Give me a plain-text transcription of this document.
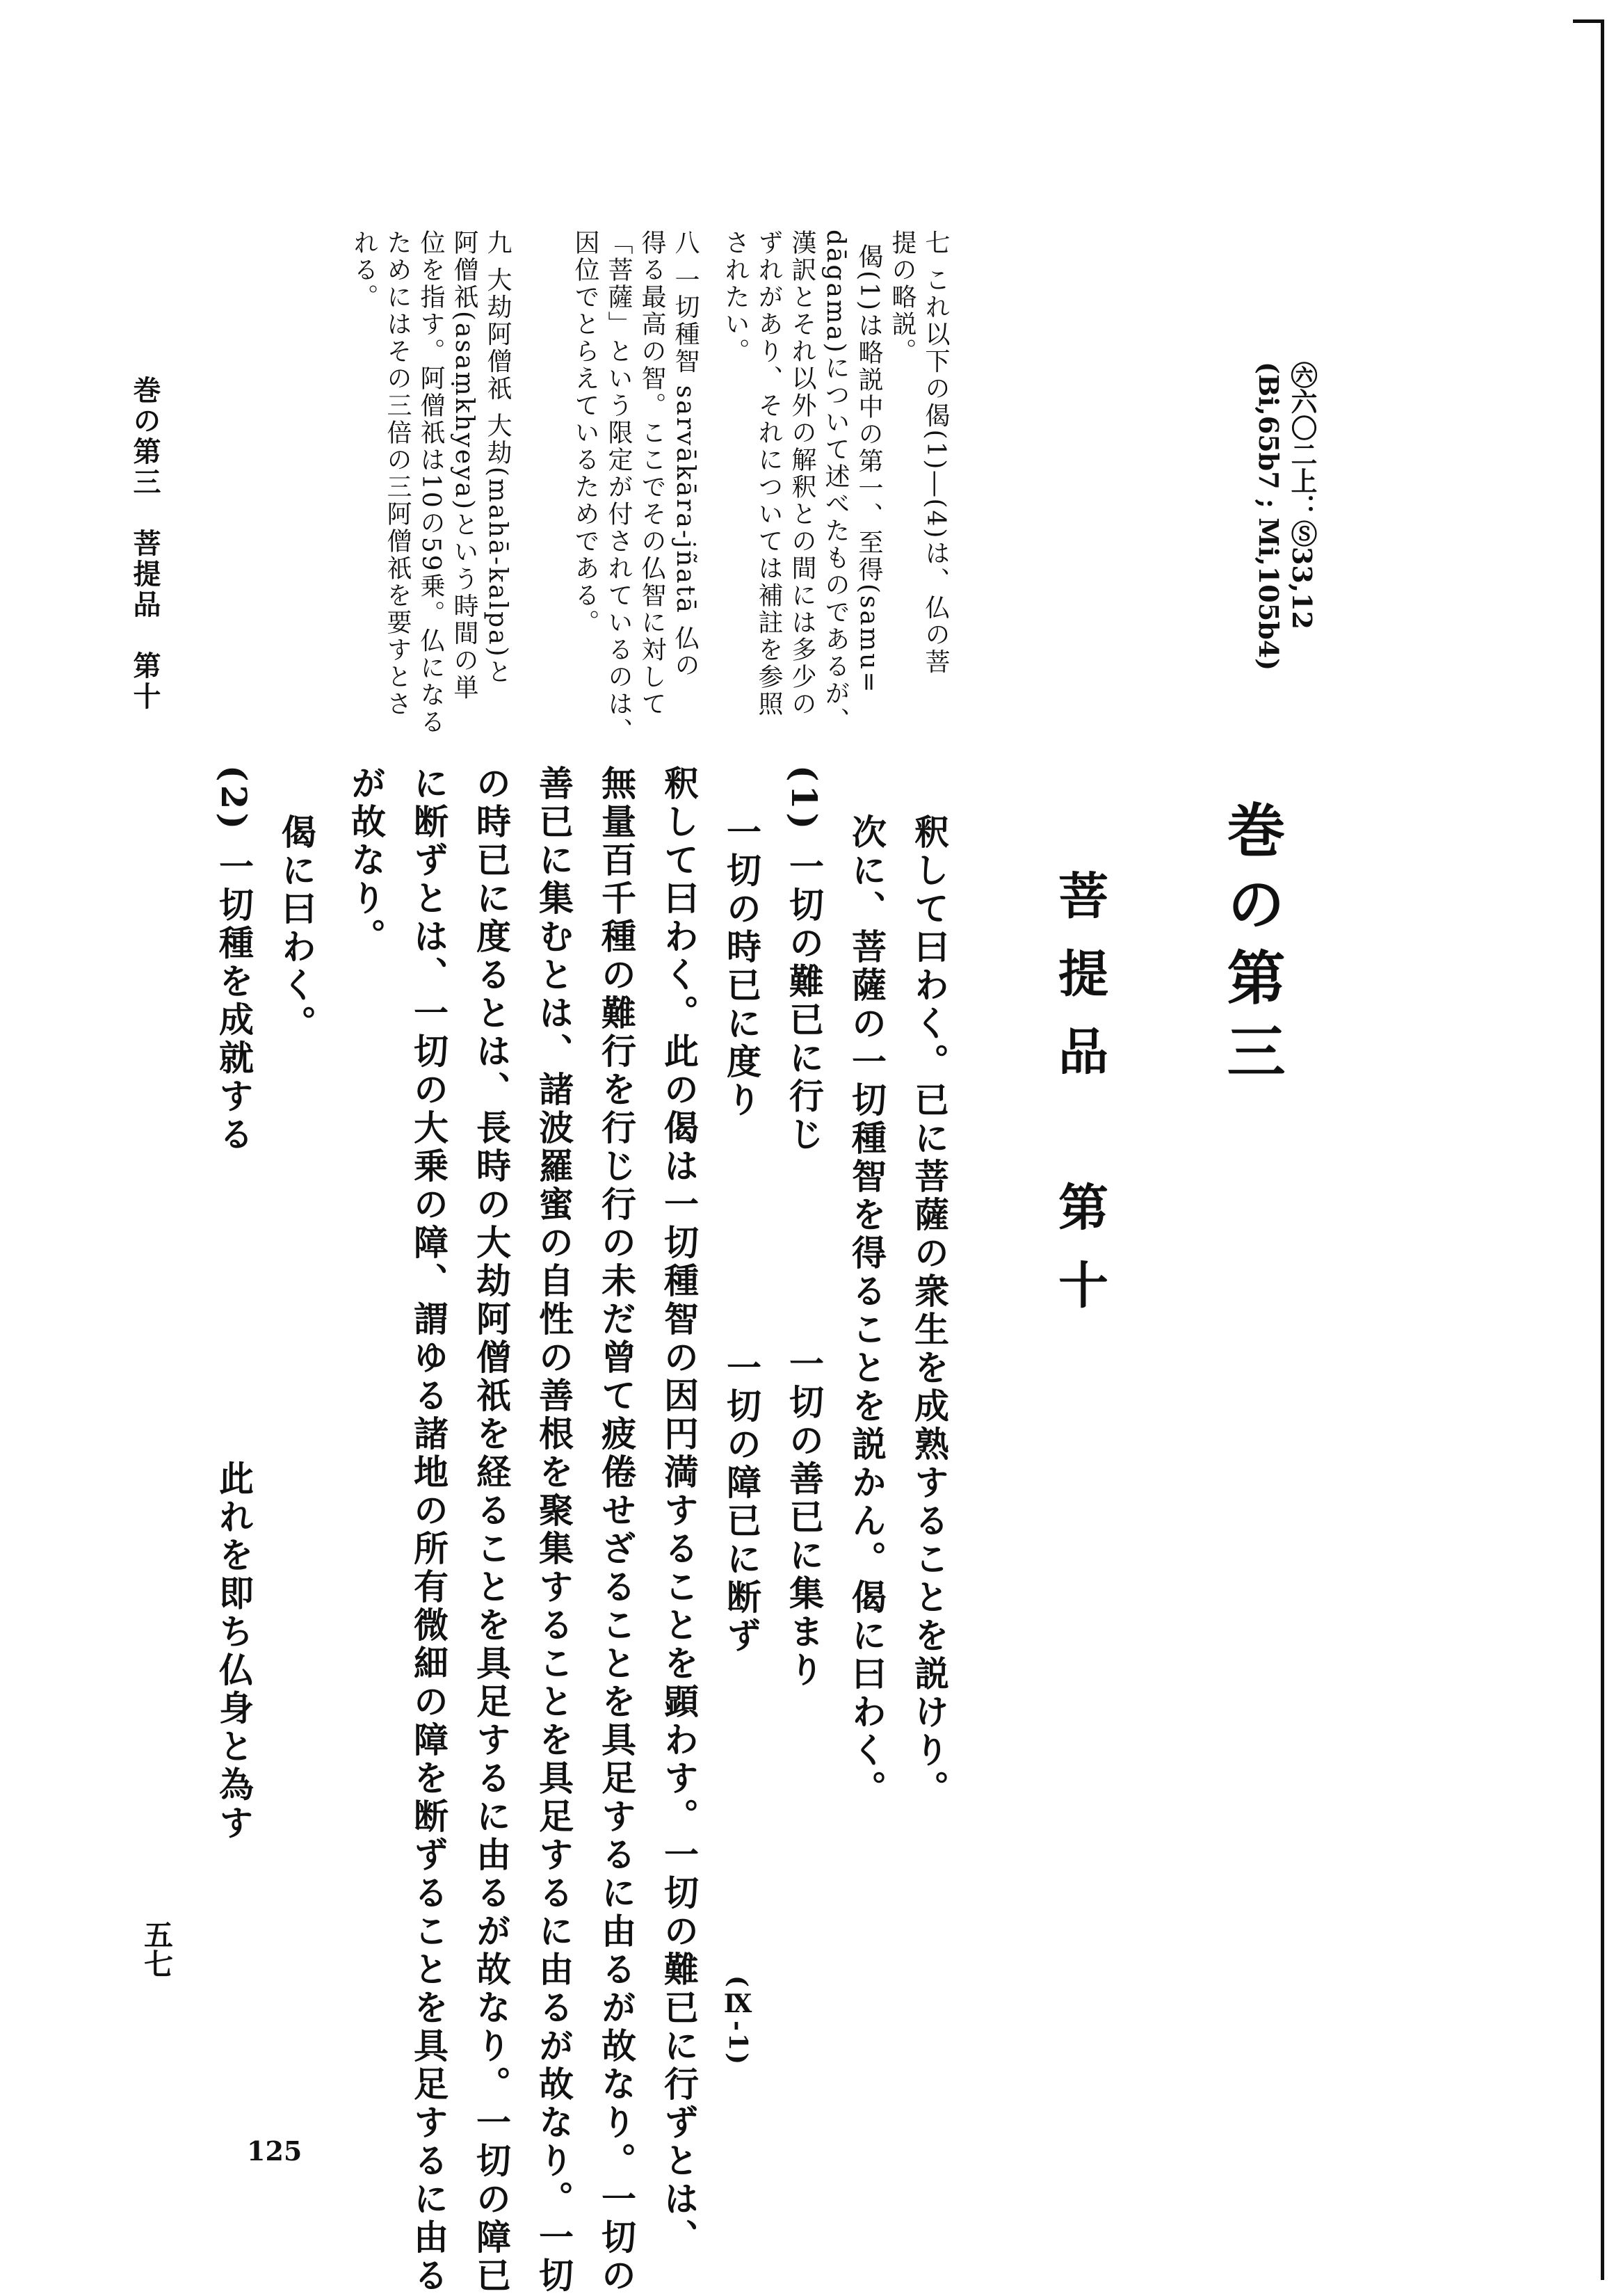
巻の第三
菩提品　第十
㊅六〇二上：Ⓢ33,12
(Bi,65b7 ; Mi,105b4)
釈して曰わく。已に菩薩の衆生を成熟することを説けり。
次に、菩薩の一切種智を得ることを説かん。偈に曰わく。
(1) 一切の難已に行じ　　　　　一切の善已に集まり
一切の時已に度り　　　　　　一切の障已に断ず
釈して曰わく。此の偈は一切種智の因円満することを顕わす。一切の難已に行ずとは、
無量百千種の難行を行じ行の未だ曾て疲倦せざることを具足するに由るが故なり。一切の
善已に集むとは、諸波羅蜜の自性の善根を聚集することを具足するに由るが故なり。一切
の時已に度るとは、長時の大劫阿僧祇を経ることを具足するに由るが故なり。一切の障已
に断ずとは、一切の大乗の障、謂ゆる諸地の所有微細の障を断ずることを具足するに由る
が故なり。
偈に曰わく。
(2) 一切種を成就する　　　　　　　　此れを即ち仏身と為す
(Ⅸ-1)
七 これ以下の偈(1)―(4)は、仏の菩
提の略説。
偈(1)は略説中の第一、至得(samu=
dāgama)について述べたものであるが、
漢訳とそれ以外の解釈との間には多少の
ずれがあり、それについては補註を参照
されたい。
八 一切種智 sarvākāra-jñatā 仏の
得る最高の智。ここでその仏智に対して
「菩薩」という限定が付されているのは、
因位でとらえているためである。
九 大劫阿僧祇 大劫(mahā-kalpa)と
阿僧祇(asaṃkhyeya)という時間の単
位を指す。阿僧祇は10の59乗。仏になる
ためにはその三倍の三阿僧祇を要すとさ
れる。
巻の第三　菩提品　第十
五七
125
